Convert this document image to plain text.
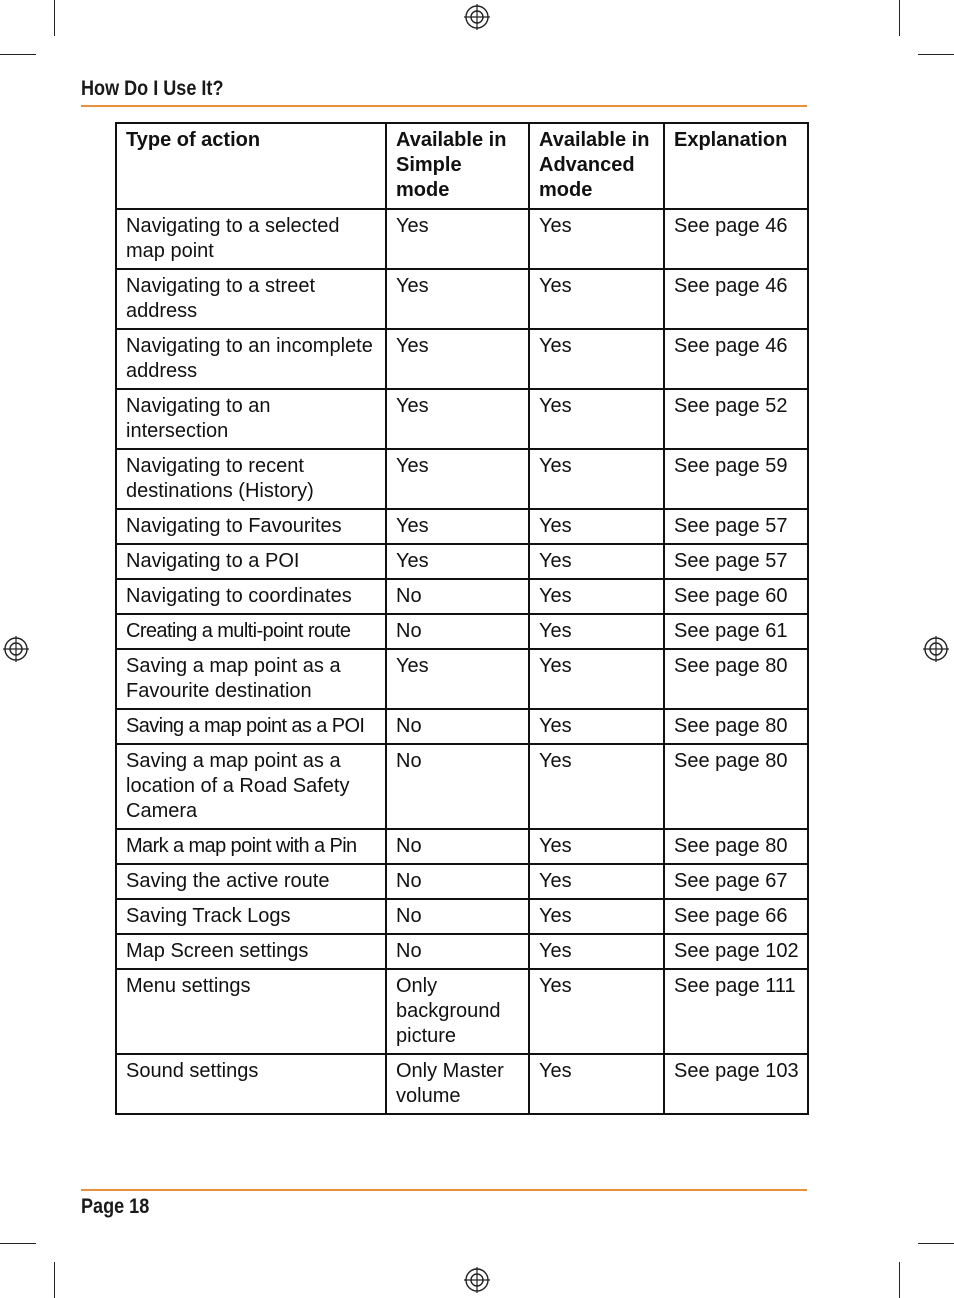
How Do I Use It?
Type of action	Available in Simple mode	Available in Advanced mode	Explanation
Navigating to a selected map point	Yes	Yes	See page 46
Navigating to a street address	Yes	Yes	See page 46
Navigating to an incomplete address	Yes	Yes	See page 46
Navigating to an intersection	Yes	Yes	See page 52
Navigating to recent destinations (History)	Yes	Yes	See page 59
Navigating to Favourites	Yes	Yes	See page 57
Navigating to a POI	Yes	Yes	See page 57
Navigating to coordinates	No	Yes	See page 60
Creating a multi-point route	No	Yes	See page 61
Saving a map point as a Favourite destination	Yes	Yes	See page 80
Saving a map point as a POI	No	Yes	See page 80
Saving a map point as a location of a Road Safety Camera	No	Yes	See page 80
Mark a map point with a Pin	No	Yes	See page 80
Saving the active route	No	Yes	See page 67
Saving Track Logs	No	Yes	See page 66
Map Screen settings	No	Yes	See page 102
Menu settings	Only background picture	Yes	See page 111
Sound settings	Only Master volume	Yes	See page 103
Page 18
